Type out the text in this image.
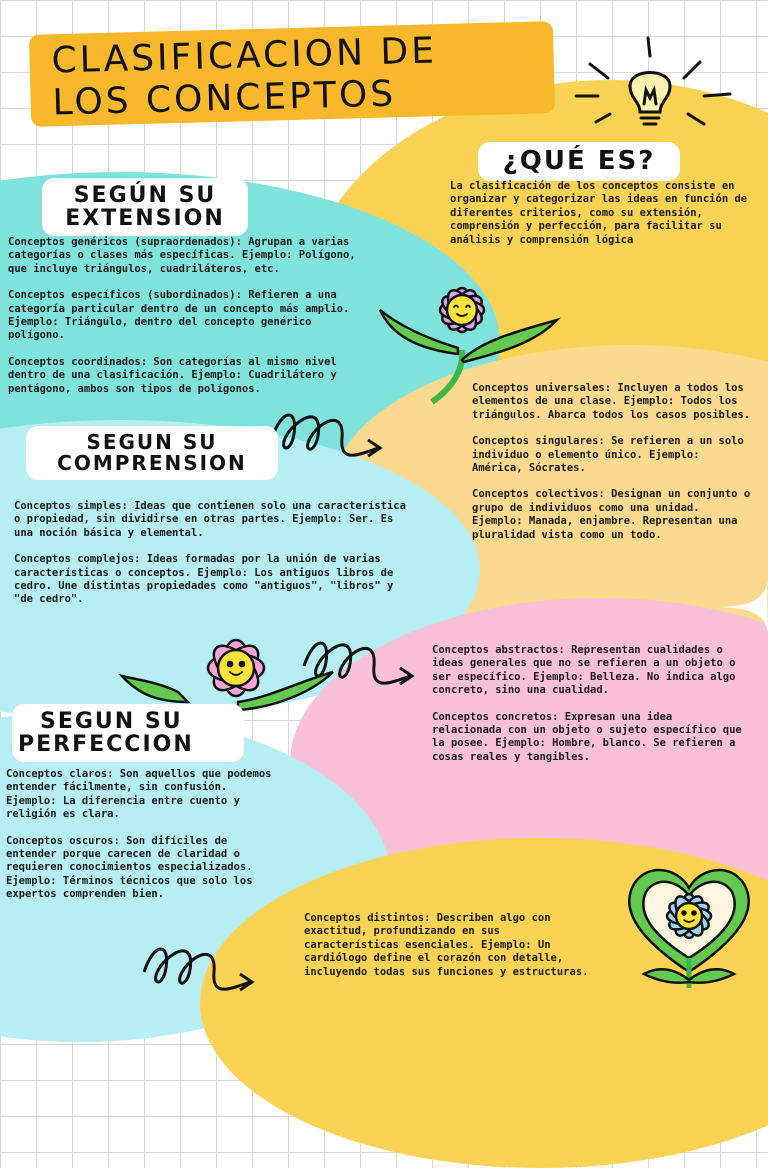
CLASIFICACION DE
LOS CONCEPTOS
¿QUÉ ES?

La clasificación de los conceptos consiste en organizar y categorizar las ideas en función de diferentes criterios, como su extensión, comprensión y perfección, para facilitar su análisis y comprensión lógica

SEGÚN SU
EXTENSION

Conceptos genéricos (supraordenados): Agrupan a varias categorías o clases más específicas. Ejemplo: Polígono, que incluye triángulos, cuadriláteros, etc.

Conceptos específicos (subordinados): Refieren a una categoría particular dentro de un concepto más amplio. Ejemplo: Triángulo, dentro del concepto genérico polígono.

Conceptos coordinados: Son categorías al mismo nivel dentro de una clasificación. Ejemplo: Cuadrilátero y pentágono, ambos son tipos de polígonos.	Conceptos universales: Incluyen a todos los elementos de una clase. Ejemplo: Todos los triángulos. Abarca todos los casos posibles.

Conceptos singulares: Se refieren a un solo individuo o elemento único. Ejemplo: América, Sócrates.

Conceptos colectivos: Designan un conjunto o grupo de individuos como una unidad. Ejemplo: Manada, enjambre. Representan una pluralidad vista como un todo.

SEGUN SU
COMPRENSION

Conceptos simples: Ideas que contienen solo una característica o propiedad, sin dividirse en otras partes. Ejemplo: Ser. Es una noción básica y elemental.

Conceptos complejos: Ideas formadas por la unión de varias características o conceptos. Ejemplo: Los antiguos libros de cedro. Une distintas propiedades como "antiguos", "libros" y "de cedro".

Conceptos abstractos: Representan cualidades o ideas generales que no se refieren a un objeto o ser específico. Ejemplo: Belleza. No indica algo concreto, sino una cualidad.

Conceptos concretos: Expresan una idea relacionada con un objeto o sujeto específico que la posee. Ejemplo: Hombre, blanco. Se refieren a cosas reales y tangibles.

SEGUN SU
PERFECCION

Conceptos claros: Son aquellos que podemos entender fácilmente, sin confusión. Ejemplo: La diferencia entre cuento y religión es clara.

Conceptos oscuros: Son difíciles de entender porque carecen de claridad o requieren conocimientos especializados. Ejemplo: Términos técnicos que solo los expertos comprenden bien.

Conceptos distintos: Describen algo con exactitud, profundizando en sus características esenciales. Ejemplo: Un cardiólogo define el corazón con detalle, incluyendo todas sus funciones y estructuras.
